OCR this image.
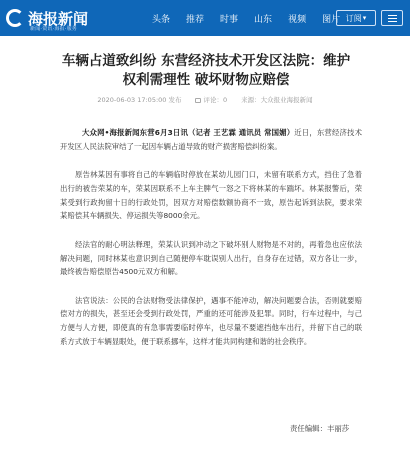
海报新闻
新闻·资讯·海报·服务
头条 推荐 时事 山东 视频 图片 订阅 ▾
车辆占道致纠纷 东营经济技术开发区法院：维护权利需理性 破坏财物应赔偿
2020-06-03 17:05:00 发布	评论：0 来源：大众报业海报新闻

大众网•海报新闻东营6月3日讯（记者 王艺霖 通讯员 常国媚）近日，东营经济技术开发区人民法院审结了一起因车辆占道导致的财产损害赔偿纠纷案。

原告林某因有事将自己的车辆临时停放在某幼儿园门口，未留有联系方式，挡住了急着出行的被告荣某的车，荣某因联系不上车主脾气一怒之下将林某的车踹坏。林某报警后，荣某受到行政拘留十日的行政处罚，因双方对赔偿数额协商不一致，原告起诉到法院，要求荣某赔偿其车辆损失、停运损失等8000余元。

经法官的耐心明法释理，荣某认识到冲动之下破坏别人财物是不对的，再着急也应依法解决问题，同时林某也意识到自己随便停车耽误别人出行，自身存在过错，双方各让一步，最终被告赔偿原告4500元双方和解。

法官说法：公民的合法财物受法律保护，遇事不能冲动，解决问题要合法，否则就要赔偿对方的损失，甚至还会受到行政处罚，严重的还可能涉及犯罪。同时，行车过程中，与己方便与人方便，即使真的有急事需要临时停车，也尽量不要遮挡他车出行，并留下自己的联系方式放于车辆显眼处，便于联系挪车，这样才能共同构建和谐的社会秩序。

责任编辑：丰丽莎
